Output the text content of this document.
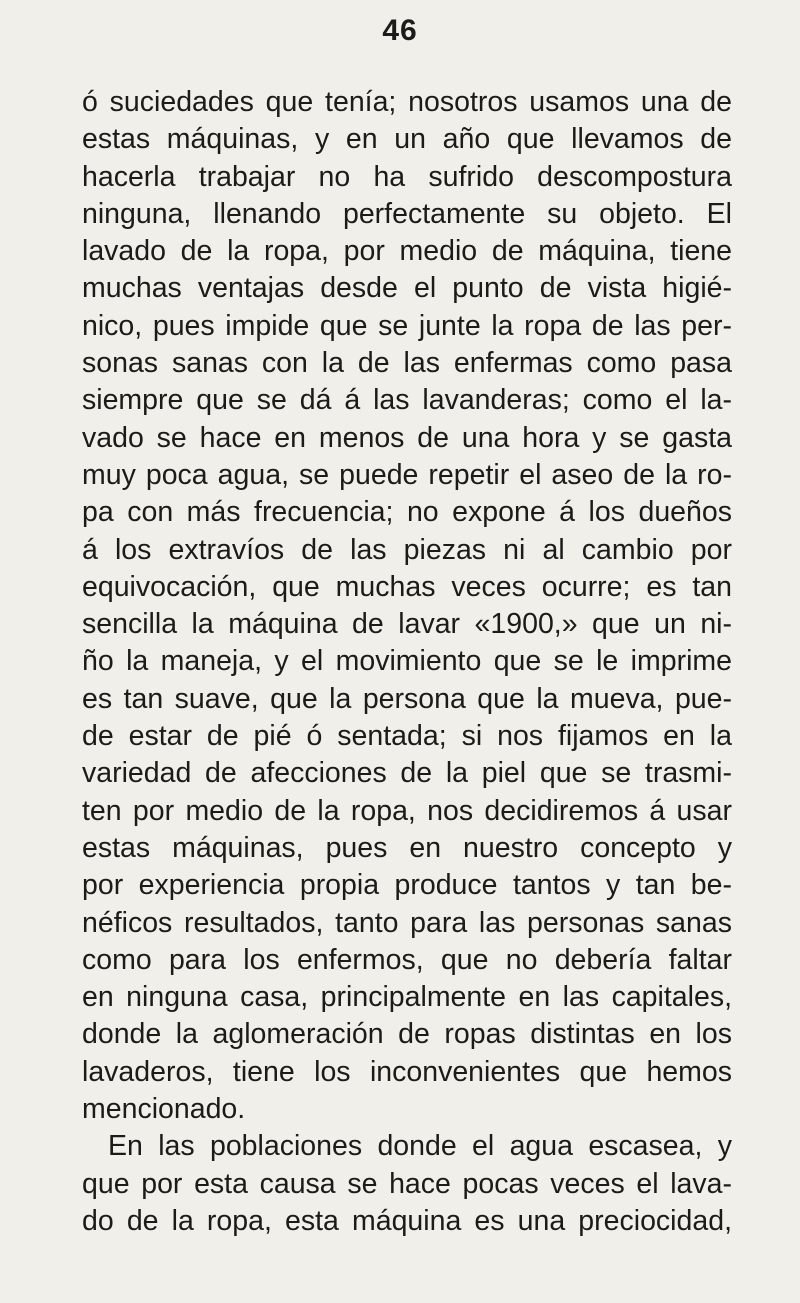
46
ó suciedades que tenía; nosotros usamos una de
estas máquinas, y en un año que llevamos de
hacerla trabajar no ha sufrido descompostura
ninguna, llenando perfectamente su objeto. El
lavado de la ropa, por medio de máquina, tiene
muchas ventajas desde el punto de vista higié-
nico, pues impide que se junte la ropa de las per-
sonas sanas con la de las enfermas como pasa
siempre que se dá á las lavanderas; como el la-
vado se hace en menos de una hora y se gasta
muy poca agua, se puede repetir el aseo de la ro-
pa con más frecuencia; no expone á los dueños
á los extravíos de las piezas ni al cambio por
equivocación, que muchas veces ocurre; es tan
sencilla la máquina de lavar «1900,» que un ni-
ño la maneja, y el movimiento que se le imprime
es tan suave, que la persona que la mueva, pue-
de estar de pié ó sentada; si nos fijamos en la
variedad de afecciones de la piel que se trasmi-
ten por medio de la ropa, nos decidiremos á usar
estas máquinas, pues en nuestro concepto y
por experiencia propia produce tantos y tan be-
néficos resultados, tanto para las personas sanas
como para los enfermos, que no debería faltar
en ninguna casa, principalmente en las capitales,
donde la aglomeración de ropas distintas en los
lavaderos, tiene los inconvenientes que hemos
mencionado.
En las poblaciones donde el agua escasea, y
que por esta causa se hace pocas veces el lava-
do de la ropa, esta máquina es una preciocidad,
